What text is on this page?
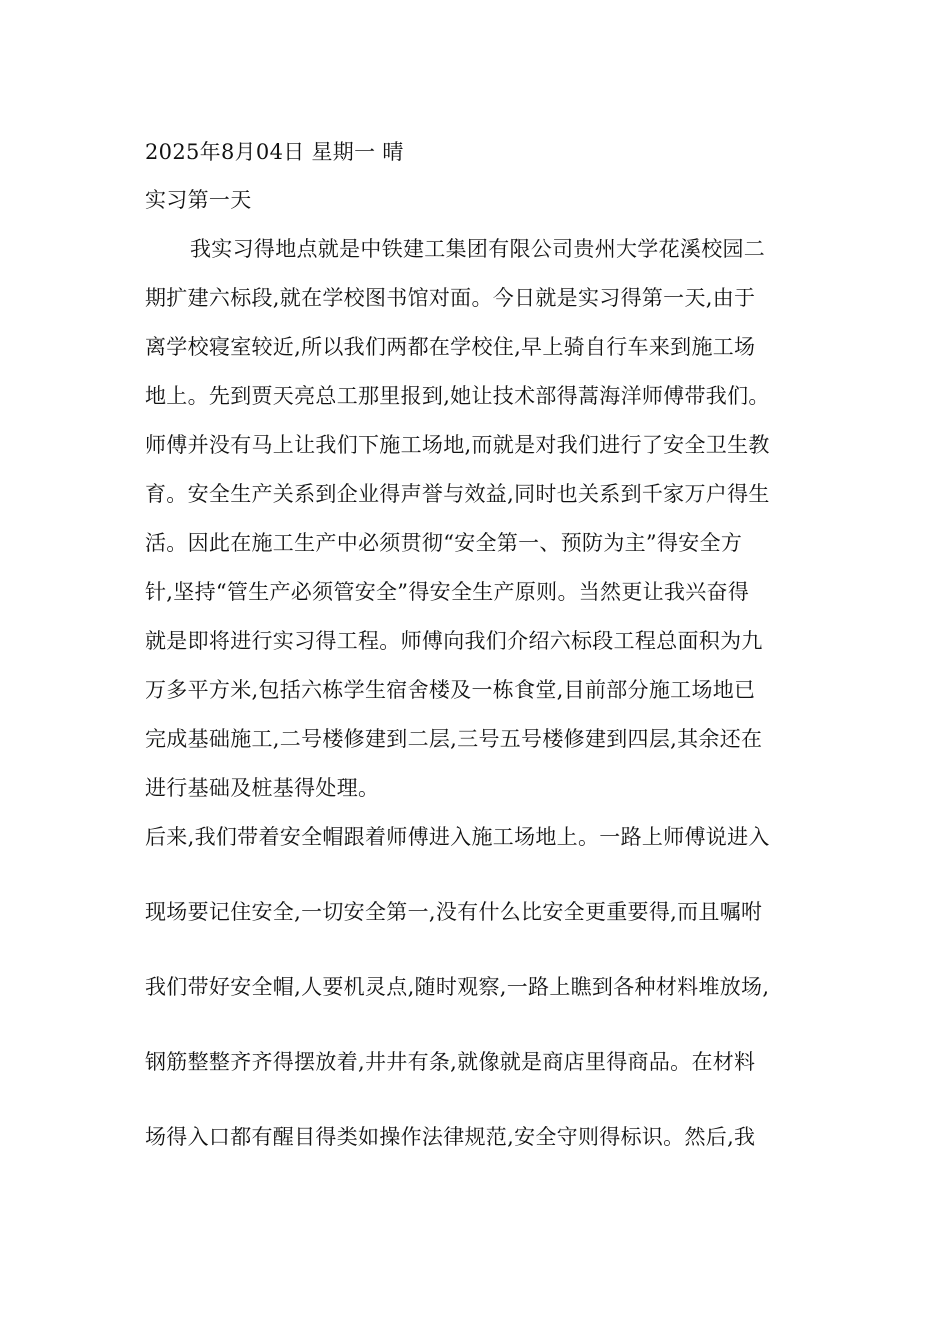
2025年8月04日 星期一 晴
实习第一天
我实习得地点就是中铁建工集团有限公司贵州大学花溪校园二
期扩建六标段,就在学校图书馆对面。今日就是实习得第一天,由于
离学校寝室较近,所以我们两都在学校住,早上骑自行车来到施工场
地上。先到贾天亮总工那里报到,她让技术部得蒿海洋师傅带我们。
师傅并没有马上让我们下施工场地,而就是对我们进行了安全卫生教
育。安全生产关系到企业得声誉与效益,同时也关系到千家万户得生
活。因此在施工生产中必须贯彻“安全第一、预防为主”得安全方
针,坚持“管生产必须管安全”得安全生产原则。当然更让我兴奋得
就是即将进行实习得工程。师傅向我们介绍六标段工程总面积为九
万多平方米,包括六栋学生宿舍楼及一栋食堂,目前部分施工场地已
完成基础施工,二号楼修建到二层,三号五号楼修建到四层,其余还在
进行基础及桩基得处理。
后来,我们带着安全帽跟着师傅进入施工场地上。一路上师傅说进入
现场要记住安全,一切安全第一,没有什么比安全更重要得,而且嘱咐
我们带好安全帽,人要机灵点,随时观察,一路上瞧到各种材料堆放场,
钢筋整整齐齐得摆放着,井井有条,就像就是商店里得商品。在材料
场得入口都有醒目得类如操作法律规范,安全守则得标识。然后,我
